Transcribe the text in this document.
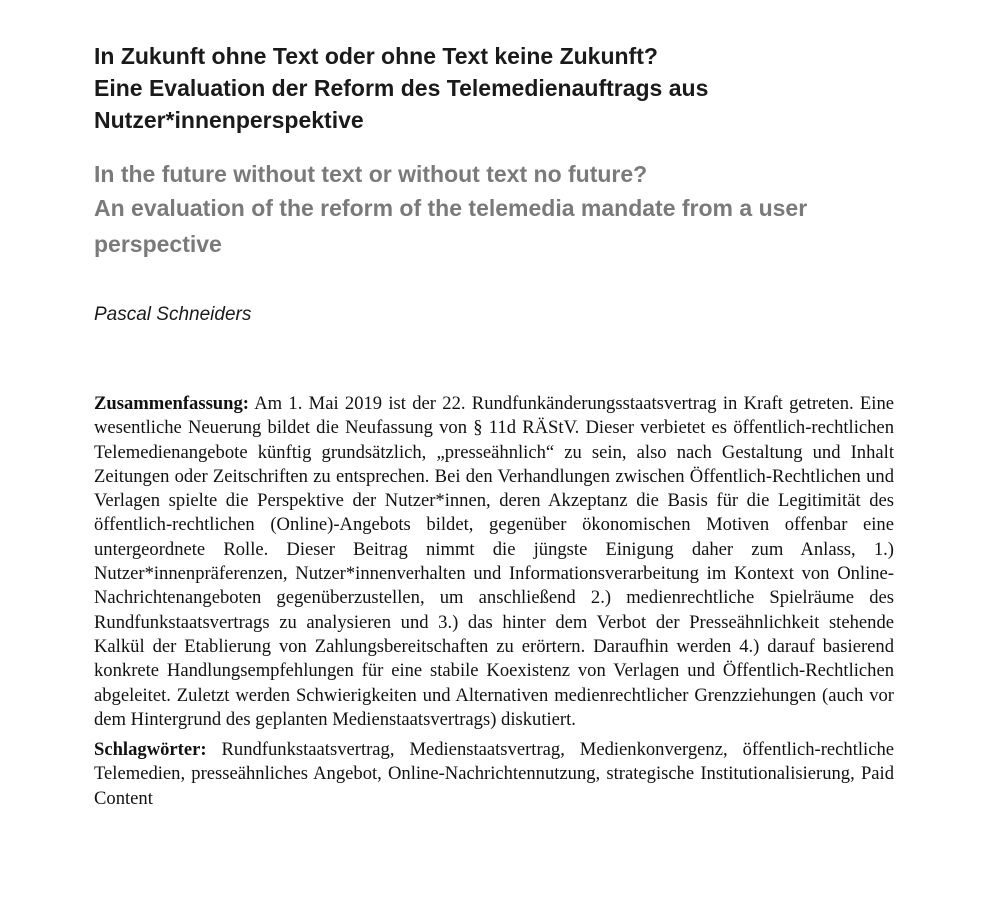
In Zukunft ohne Text oder ohne Text keine Zukunft?
Eine Evaluation der Reform des Telemedienauftrags aus Nutzer*innenperspektive
In the future without text or without text no future?
An evaluation of the reform of the telemedia mandate from a user perspective
Pascal Schneiders

Zusammenfassung: Am 1. Mai 2019 ist der 22. Rundfunkänderungsstaatsvertrag in Kraft getreten. Eine wesentliche Neuerung bildet die Neufassung von § 11d RÄStV. Dieser verbietet es öffentlich-rechtlichen Telemedienangebote künftig grundsätzlich, „presseähnlich“ zu sein, also nach Gestaltung und Inhalt Zeitungen oder Zeitschriften zu entsprechen. Bei den Verhandlungen zwischen Öffentlich-Rechtlichen und Verlagen spielte die Perspektive der Nutzer*innen, deren Akzeptanz die Basis für die Legitimität des öffentlich-rechtlichen (Online)-Angebots bildet, gegenüber ökonomischen Motiven offenbar eine untergeordnete Rolle. Dieser Beitrag nimmt die jüngste Einigung daher zum Anlass, 1.) Nutzer*innenpräferenzen, Nutzer*innenverhalten und Informationsverarbeitung im Kontext von Online-Nachrichtenangeboten gegenüberzustellen, um anschließend 2.) medienrechtliche Spielräume des Rundfunkstaatsvertrags zu analysieren und 3.) das hinter dem Verbot der Presseähnlichkeit stehende Kalkül der Etablierung von Zahlungsbereitschaften zu erörtern. Daraufhin werden 4.) darauf basierend konkrete Handlungsempfehlungen für eine stabile Koexistenz von Verlagen und Öffentlich-Rechtlichen abgeleitet. Zuletzt werden Schwierigkeiten und Alternativen medienrechtlicher Grenzziehungen (auch vor dem Hintergrund des geplanten Medienstaatsvertrags) diskutiert.

Schlagwörter: Rundfunkstaatsvertrag, Medienstaatsvertrag, Medienkonvergenz, öffentlich-rechtliche Telemedien, presseähnliches Angebot, Online-Nachrichtennutzung, strategische Institutionalisierung, Paid Content
